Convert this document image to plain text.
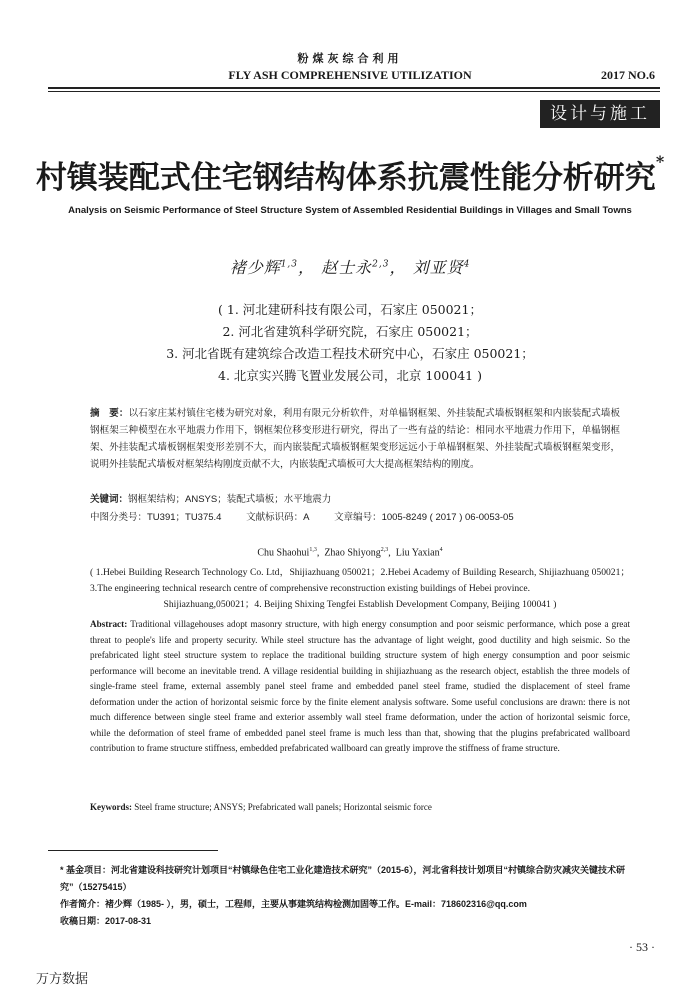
粉煤灰综合利用
FLY ASH COMPREHENSIVE UTILIZATION	2017 NO.6
设计与施工
村镇装配式住宅钢结构体系抗震性能分析研究*
Analysis on Seismic Performance of Steel Structure System of Assembled Residential Buildings in Villages and Small Towns
褚少辉$^{1,3}$， 赵士永$^{2,3}$， 刘亚贤$^4$
( 1. 河北建研科技有限公司，石家庄 050021；
2. 河北省建筑科学研究院，石家庄 050021；
3. 河北省既有建筑综合改造工程技术研究中心，石家庄 050021；
4. 北京实兴腾飞置业发展公司，北京 100041 )
摘　要：以石家庄某村镇住宅楼为研究对象，利用有限元分析软件，对单榀钢框架、外挂装配式墙板钢框架和内嵌装配式墙板钢框架三种模型在水平地震力作用下，钢框架位移变形进行研究，得出了一些有益的结论：相同水平地震力作用下，单榀钢框架、外挂装配式墙板钢框架变形差别不大，而内嵌装配式墙板钢框架变形远远小于单榀钢框架、外挂装配式墙板钢框架变形，说明外挂装配式墙板对框架结构刚度贡献不大，内嵌装配式墙板可大大提高框架结构的刚度。
关键词：钢框架结构；ANSYS；装配式墙板；水平地震力
中图分类号：TU391；TU375.4	文献标识码：A	文章编号：1005-8249 ( 2017 ) 06-0053-05
Chu Shaohui$^{1,3}$,  Zhao Shiyong$^{2,3}$,  Liu Yaxian$^4$
( 1.Hebei Building Research Technology Co. Ltd，Shijiazhuang 050021；2.Hebei Academy of Building Research, Shijiazhuang 050021；3.The engineering technical research centre of comprehensive reconstruction existing buildings of Hebei province.
Shijiazhuang,050021；4. Beijing Shixing Tengfei Establish Development Company, Beijing 100041 )
Abstract: Traditional villagehouses adopt masonry structure, with high energy consumption and poor seismic performance, which pose a great threat to people's life and property security. While steel structure has the advantage of light weight, good ductility and high seismic. So the prefabricated light steel structure system to replace the traditional building structure system of high energy consumption and poor seismic performance will become an inevitable trend. A village residential building in shijiazhuang as the research object, establish the three models of single-frame steel frame, external assembly panel steel frame and embedded panel steel frame, studied the displacement of steel frame deformation under the action of horizontal seismic force by the finite element analysis software. Some useful conclusions are drawn: there is not much difference between single steel frame and exterior assembly wall steel frame deformation, under the action of horizontal seismic force, while the deformation of steel frame of embedded panel steel frame is much less than that, showing that the plugins prefabricated wallboard contribution to frame structure stiffness, embedded prefabricated wallboard can greatly improve the stiffness of frame structure.
Keywords: Steel frame structure; ANSYS; Prefabricated wall panels; Horizontal seismic force
* 基金项目：河北省建设科技研究计划项目“村镇绿色住宅工业化建造技术研究”（2015-6），河北省科技计划项目“村镇综合防灾减灾关键技术研究”（15275415）
作者简介：褚少辉（1985- ），男，硕士，工程师，主要从事建筑结构检测加固等工作。E-mail：718602316@qq.com
收稿日期：2017-08-31
· 53 ·
万方数据
